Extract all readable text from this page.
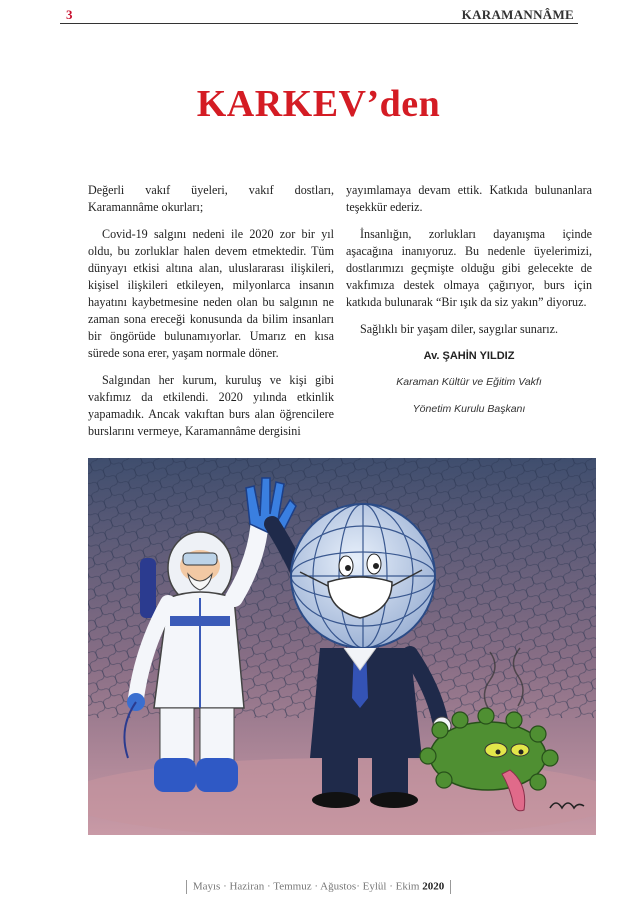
3	KARAMANNÂME
KARKEV’den

Değerli vakıf üyeleri, vakıf dostları, Karamannâme okurları;

Covid-19 salgını nedeni ile 2020 zor bir yıl oldu, bu zorluklar halen devem etmektedir. Tüm dünyayı etkisi altına alan, uluslararası ilişkileri, kişisel ilişkileri etkileyen, milyonlarca insanın hayatını kaybetmesine neden olan bu salgının ne zaman sona ereceği konusunda da bilim insanları bir öngörüde bulunamıyorlar. Umarız en kısa sürede sona erer, yaşam normale döner.

Salgından her kurum, kuruluş ve kişi gibi vakfımız da etkilendi. 2020 yılında etkinlik yapamadık. Ancak vakıftan burs alan öğrencilere burslarını vermeye, Karamannâme dergisini

yayımlamaya devam ettik. Katkıda bulunanlara teşekkür ederiz.

İnsanlığın, zorlukları dayanışma içinde aşacağına inanıyoruz. Bu nedenle üyelerimizi, dostlarımızı geçmişte olduğu gibi gelecekte de vakfımıza destek olmaya çağırıyor, burs için katkıda bulunarak “Bir ışık da siz yakın” diyoruz.

Sağlıklı bir yaşam diler, saygılar sunarız.

Av. ŞAHİN YILDIZ
Karaman Kültür ve Eğitim Vakfı
Yönetim Kurulu Başkanı
Mayıs · Haziran · Temmuz · Ağustos· Eylül · Ekim 2020
